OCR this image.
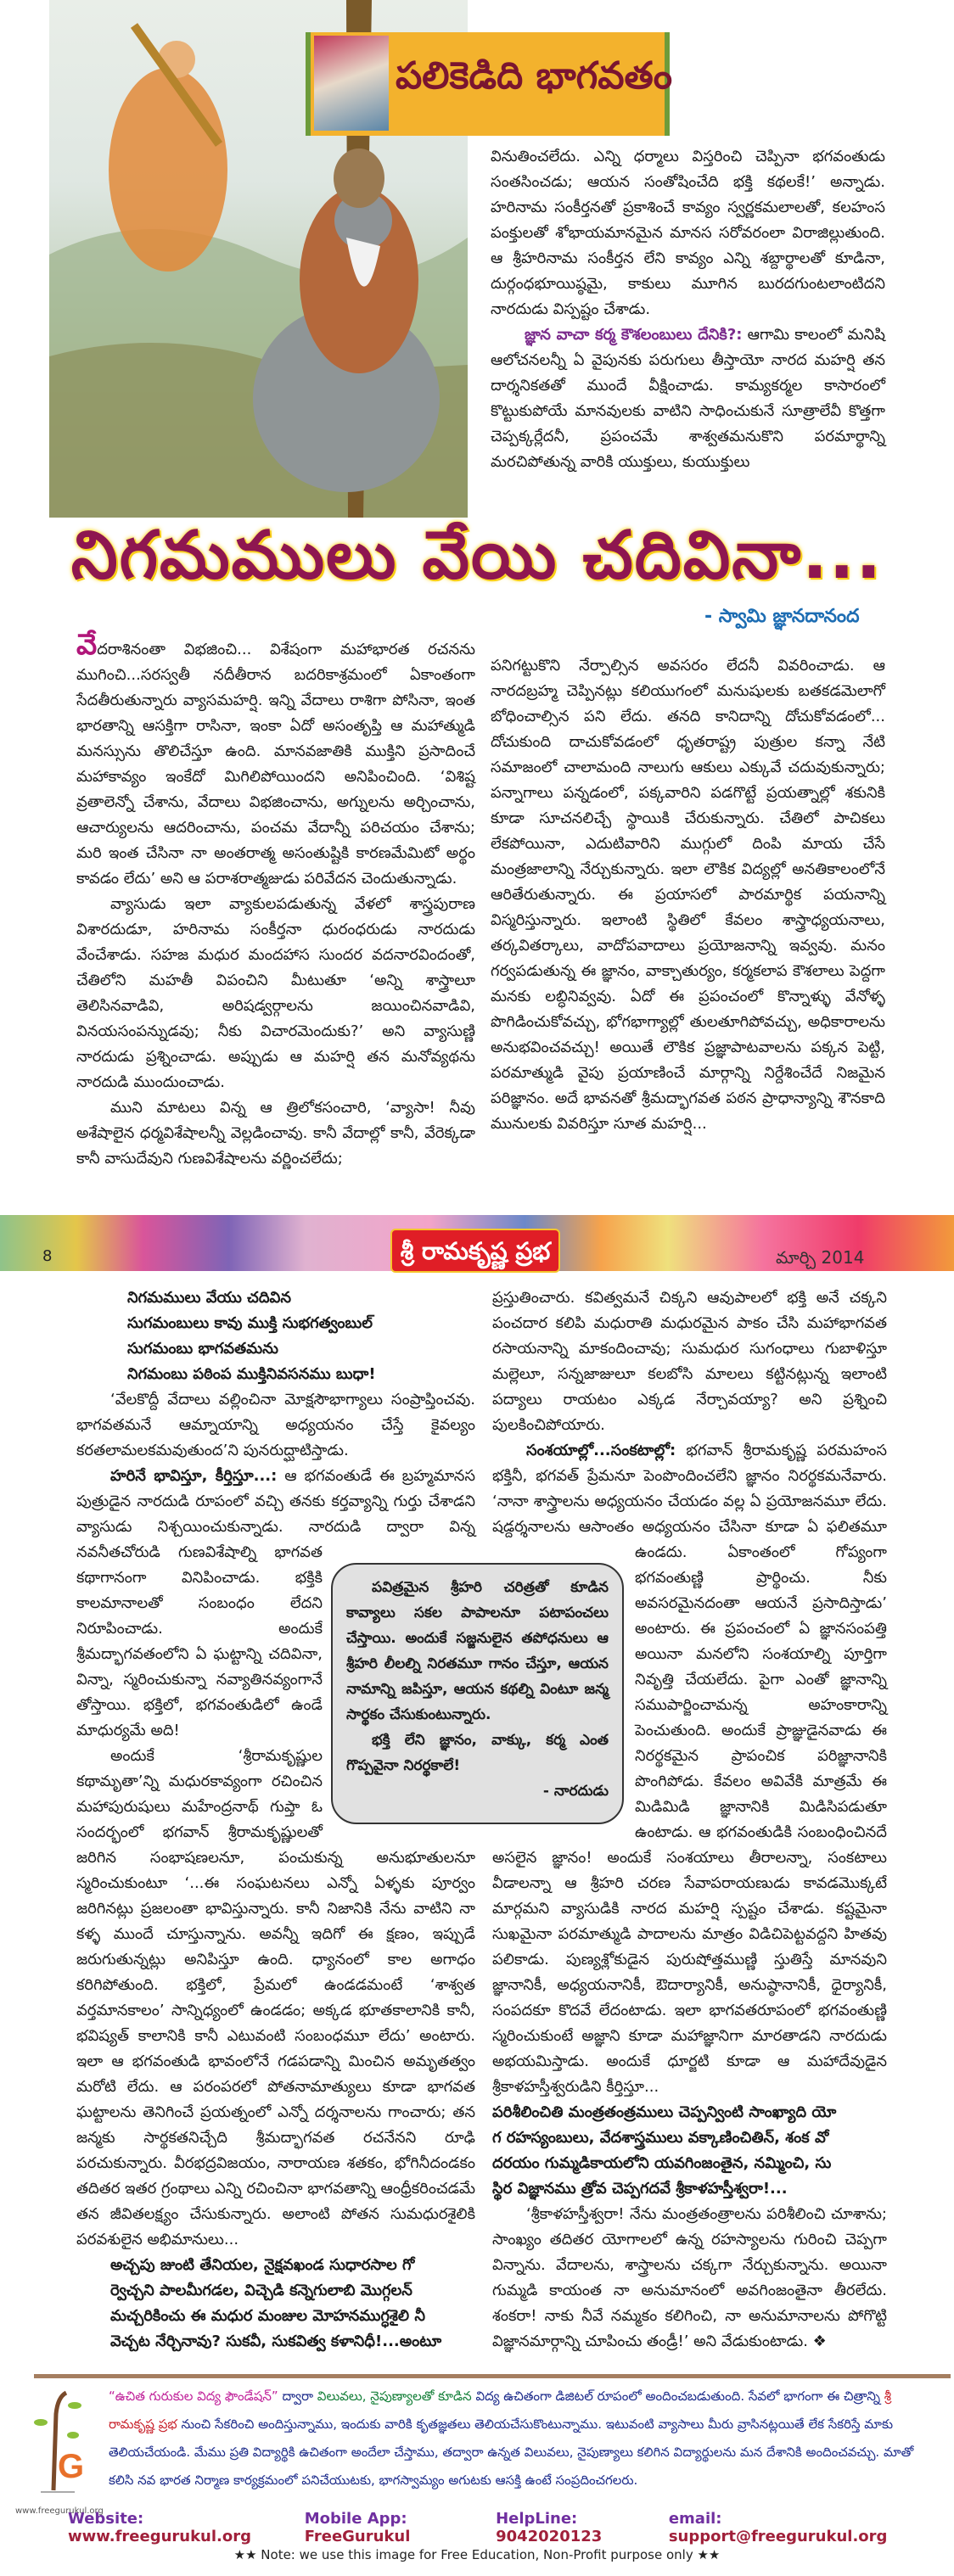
పలికెడిది భాగవతం

వినుతించలేదు. ఎన్ని ధర్మాలు విస్తరించి చెప్పినా భగవంతుడు సంతసించడు; ఆయన సంతోషించేది భక్తి కథలకే!’ అన్నాడు. హరినామ సంకీర్తనతో ప్రకాశించే కావ్యం స్వర్ణకమలాలతో, కలహంస పంక్తులతో శోభాయమానమైన మానస సరోవరంలా విరాజిల్లుతుంది. ఆ శ్రీహరినామ సంకీర్తన లేని కావ్యం ఎన్ని శబ్దార్థాలతో కూడినా, దుర్గంధభూయిష్ఠమై, కాకులు మూగిన బురదగుంటలాంటిదని నారదుడు విస్పష్టం చేశాడు.

జ్ఞాన వాచా కర్మ కౌశలంబులు దేనికి?: ఆగామి కాలంలో మనిషి ఆలోచనలన్నీ ఏ వైపునకు పరుగులు తీస్తాయో నారద మహర్షి తన దార్శనికతతో ముందే వీక్షించాడు. కామ్యకర్మల కాసారంలో కొట్టుకుపోయే మానవులకు వాటిని సాధించుకునే సూత్రాలేవీ కొత్తగా చెప్పక్కర్లేదనీ, ప్రపంచమే శాశ్వతమనుకొని పరమార్థాన్ని మరచిపోతున్న వారికి యుక్తులు, కుయుక్తులు

నిగమములు వేయి చదివినా...
- స్వామి జ్ఞానదానంద

వేదరాశినంతా విభజించి... విశేషంగా మహాభారత రచనను ముగించి...సరస్వతీ నదీతీరాన బదరికాశ్రమంలో ఏకాంతంగా సేదతీరుతున్నారు వ్యాసమహర్షి. ఇన్ని వేదాలు రాశిగా పోసినా, ఇంత భారతాన్ని ఆసక్తిగా రాసినా, ఇంకా ఏదో అసంతృప్తి ఆ మహాత్ముడి మనస్సును తొలిచేస్తూ ఉంది. మానవజాతికి ముక్తిని ప్రసాదించే మహాకావ్యం ఇంకేదో మిగిలిపోయిందని అనిపించింది. ‘విశిష్ట వ్రతాలెన్నో చేశాను, వేదాలు విభజించాను, అగ్నులను అర్చించాను, ఆచార్యులను ఆదరించాను, పంచమ వేదాన్నీ పరిచయం చేశాను; మరి ఇంత చేసినా నా అంతరాత్మ అసంతుష్టికి కారణమేమిటో అర్థం కావడం లేదు’ అని ఆ పరాశరాత్మజుడు పరివేదన చెందుతున్నాడు.

వ్యాసుడు ఇలా వ్యాకులపడుతున్న వేళలో శాస్త్రపురాణ విశారదుడూ, హరినామ సంకీర్తనా ధురంధరుడు నారదుడు వేంచేశాడు. సహజ మధుర మందహాస సుందర వదనారవిందంతో, చేతిలోని మహతీ విపంచిని మీటుతూ ‘అన్ని శాస్త్రాలూ తెలిసినవాడివి, అరిషడ్వర్గాలను జయించినవాడివి, వినయసంపన్నుడవు; నీకు విచారమెందుకు?’ అని వ్యాసుణ్ణి నారదుడు ప్రశ్నించాడు. అప్పుడు ఆ మహర్షి తన మనోవ్యథను నారదుడి ముందుంచాడు.

ముని మాటలు విన్న ఆ త్రిలోకసంచారి, ‘వ్యాసా! నీవు అశేషాలైన ధర్మవిశేషాలన్నీ వెల్లడించావు. కానీ వేదాల్లో కానీ, వేరెక్కడా కానీ వాసుదేవుని గుణవిశేషాలను వర్ణించలేదు;

పనిగట్టుకొని నేర్పాల్సిన అవసరం లేదనీ వివరించాడు. ఆ నారదబ్రహ్మ చెప్పినట్లు కలియుగంలో మనుషులకు బతకడమెలాగో బోధించాల్సిన పని లేదు. తనది కానిదాన్ని దోచుకోవడంలో... దోచుకుంది దాచుకోవడంలో ధృతరాష్ట్ర పుత్రుల కన్నా నేటి సమాజంలో చాలామంది నాలుగు ఆకులు ఎక్కువే చదువుకున్నారు; పన్నాగాలు పన్నడంలో, పక్కవారిని పడగొట్టే ప్రయత్నాల్లో శకునికి కూడా సూచనలిచ్చే స్థాయికి చేరుకున్నారు. చేతిలో పాచికలు లేకపోయినా, ఎదుటివారిని ముగ్గులో దింపి మాయ చేసే మంత్రజాలాన్ని నేర్చుకున్నారు. ఇలా లౌకిక విద్యల్లో అనతికాలంలోనే ఆరితేరుతున్నారు. ఈ ప్రయాసలో పారమార్థిక పయనాన్ని విస్మరిస్తున్నారు. ఇలాంటి స్థితిలో కేవలం శాస్త్రాధ్యయనాలు, తర్కవితర్కాలు, వాదోపవాదాలు ప్రయోజనాన్ని ఇవ్వవు. మనం గర్వపడుతున్న ఈ జ్ఞానం, వాక్చాతుర్యం, కర్మకలాప కౌశలాలు పెద్దగా మనకు లబ్ధినివ్వవు. ఏదో ఈ ప్రపంచంలో కొన్నాళ్ళు వేనోళ్ళ పొగిడించుకోవచ్చు, భోగభాగ్యాల్లో తులతూగిపోవచ్చు, అధికారాలను అనుభవించవచ్చు! అయితే లౌకిక ప్రజ్ఞాపాటవాలను పక్కన పెట్టి, పరమాత్ముడి వైపు ప్రయాణించే మార్గాన్ని నిర్దేశించేదే నిజమైన పరిజ్ఞానం. అదే భావనతో శ్రీమద్భాగవత పఠన ప్రాధాన్యాన్ని శౌనకాది మునులకు వివరిస్తూ సూత మహర్షి...

8	శ్రీ రామకృష్ణ ప్రభ	మార్చి 2014

నిగమములు వేయు చదివిన
సుగమంబులు కావు ముక్తి సుభగత్వంబుల్
సుగమంబు భాగవతమను
నిగమంబు పఠింప ముక్తినివసనము బుధా!

‘వేలకొద్దీ వేదాలు వల్లించినా మోక్షసౌభాగ్యాలు సంప్రాప్తించవు. భాగవతమనే ఆమ్నాయాన్ని అధ్యయనం చేస్తే కైవల్యం కరతలామలకమవుతుంద’ని పునరుద్ఘాటిస్తాడు.

హరినే భావిస్తూ, కీర్తిస్తూ...: ఆ భగవంతుడే ఈ బ్రహ్మమానస పుత్రుడైన నారదుడి రూపంలో వచ్చి తనకు కర్తవ్యాన్ని గుర్తు చేశాడని వ్యాసుడు నిశ్చయించుకున్నాడు. నారదుడి ద్వారా విన్న నవనీతచోరుడి గుణవిశేషాల్ని భాగవత కథాగానంగా వినిపించాడు. భక్తికి కాలమానాలతో సంబంధం లేదని నిరూపించాడు. అందుకే శ్రీమద్భాగవతంలోని ఏ ఘట్టాన్ని చదివినా, విన్నా, స్మరించుకున్నా నవ్యాతినవ్యంగానే తోస్తాయి. భక్తిలో, భగవంతుడిలో ఉండే మాధుర్యమే అది!

అందుకే ‘శ్రీరామకృష్ణుల కథామృతా’న్ని మధురకావ్యంగా రచించిన మహాపురుషులు మహేంద్రనాథ్ గుప్తా ఓ సందర్భంలో భగవాన్ శ్రీరామకృష్ణులతో జరిగిన సంభాషణలనూ, పంచుకున్న అనుభూతులనూ స్మరించుకుంటూ ‘...ఈ సంఘటనలు ఎన్నో ఏళ్ళకు పూర్వం జరిగినట్లు ప్రజలంతా భావిస్తున్నారు. కానీ నిజానికి నేను వాటిని నా కళ్ళ ముందే చూస్తున్నాను. అవన్నీ ఇదిగో ఈ క్షణం, ఇప్పుడే జరుగుతున్నట్లు అనిపిస్తూ ఉంది. ధ్యానంలో కాల అగాధం కరిగిపోతుంది. భక్తిలో, ప్రేమలో ఉండడమంటే ‘శాశ్వత వర్తమానకాలం’ సాన్నిధ్యంలో ఉండడం; అక్కడ భూతకాలానికి కానీ, భవిష్యత్ కాలానికి కానీ ఎటువంటి సంబంధమూ లేదు’ అంటారు. ఇలా ఆ భగవంతుడి భావంలోనే గడపడాన్ని మించిన అమృతత్వం మరోటి లేదు. ఆ పరంపరలో పోతనామాత్యులు కూడా భాగవత ఘట్టాలను తెనిగించే ప్రయత్నంలో ఎన్నో దర్శనాలను గాంచారు; తన జన్మకు సార్థకతనిచ్చేది శ్రీమద్భాగవత రచనేనని రూఢి పరచుకున్నారు. వీరభద్రవిజయం, నారాయణ శతకం, భోగినీదండకం తదితర ఇతర గ్రంథాలు ఎన్ని రచించినా భాగవతాన్ని ఆంధ్రీకరించడమే తన జీవితలక్ష్యం చేసుకున్నారు. అలాంటి పోతన సుమధురశైలికి పరవశులైన అభిమానులు...

అచ్చపు జుంటి తేనియల, నైక్షవఖండ సుధారసాల గో
ర్వెచ్చని పాలమీగడల, విచ్చెడి కన్నెగులాబి మొగ్గలన్
మచ్చరికించు ఈ మధుర మంజుల మోహనముగ్ధశైలి నీ
వెచ్చట నేర్చినావు? సుకవీ, సుకవిత్వ కళానిధీ!...అంటూ

ప్రస్తుతించారు. కవిత్వమనే చిక్కని ఆవుపాలలో భక్తి అనే చక్కని పంచదార కలిపి మధురాతి మధురమైన పాకం చేసి మహాభాగవత రసాయనాన్ని మాకందించావు; సుమధుర సుగంధాలు గుబాళిస్తూ మల్లెలూ, సన్నజాజులూ కలబోసి మాలలు కట్టినట్లున్న ఇలాంటి పద్యాలు రాయటం ఎక్కడ నేర్చావయ్యా? అని ప్రశ్నించి పులకించిపోయారు.

సంశయాల్లో...సంకటాల్లో: భగవాన్ శ్రీరామకృష్ణ పరమహంస భక్తినీ, భగవత్ ప్రేమనూ పెంపొందించలేని జ్ఞానం నిరర్థకమనేవారు. ‘నానా శాస్త్రాలను అధ్యయనం చేయడం వల్ల ఏ ప్రయోజనమూ లేదు. షడ్దర్శనాలను ఆసాంతం అధ్యయనం చేసినా కూడా ఏ ఫలితమూ ఉండదు. ఏకాంతంలో గోప్యంగా భగవంతుణ్ణి ప్రార్థించు. నీకు అవసరమైనదంతా ఆయనే ప్రసాదిస్తాడు’ అంటారు. ఈ ప్రపంచంలో ఏ జ్ఞానసంపత్తి అయినా మనలోని సంశయాల్ని పూర్తిగా నివృత్తి చేయలేదు. పైగా ఎంతో జ్ఞానాన్ని సముపార్జించామన్న అహంకారాన్ని పెంచుతుంది. అందుకే ప్రాజ్ఞుడైనవాడు ఈ నిరర్థకమైన ప్రాపంచిక పరిజ్ఞానానికి పొంగిపోడు. కేవలం అవివేకి మాత్రమే ఈ మిడిమిడి జ్ఞానానికి మిడిసిపడుతూ ఉంటాడు. ఆ భగవంతుడికి సంబంధించినదే అసలైన జ్ఞానం! అందుకే సంశయాలు తీరాలన్నా, సంకటాలు వీడాలన్నా ఆ శ్రీహరి చరణ సేవాపరాయణుడు కావడమొక్కటే మార్గమని వ్యాసుడికి నారద మహర్షి స్పష్టం చేశాడు. కష్టమైనా సుఖమైనా పరమాత్ముడి పాదాలను మాత్రం విడిచిపెట్టవద్దని హితవు పలికాడు. పుణ్యశ్లోకుడైన పురుషోత్తముణ్ణి స్తుతిస్తే మానవుని జ్ఞానానికీ, అధ్యయనానికీ, ఔదార్యానికీ, అనుష్ఠానానికీ, ధైర్యానికీ, సంపదకూ కొదవే లేదంటాడు. ఇలా భాగవతరూపంలో భగవంతుణ్ణి స్మరించుకుంటే అజ్ఞాని కూడా మహాజ్ఞానిగా మారతాడని నారదుడు అభయమిస్తాడు. అందుకే ధూర్జటి కూడా ఆ మహాదేవుడైన శ్రీకాళహస్తీశ్వరుడిని కీర్తిస్తూ...

పరిశీలించితి మంత్రతంత్రములు చెప్పన్వింటి సాంఖ్యాది యో
గ రహస్యంబులు, వేదశాస్త్రములు వక్కాణించితిన్, శంక వో
దరయం గుమ్మడికాయలోని యవగింజంతైన, నమ్మించి, సు
స్థిర విజ్ఞానము త్రోవ చెప్పగదవే శ్రీకాళహస్తీశ్వరా!...

‘శ్రీకాళహస్తీశ్వరా! నేను మంత్రతంత్రాలను పరిశీలించి చూశాను; సాంఖ్యం తదితర యోగాలలో ఉన్న రహస్యాలను గురించి చెప్పగా విన్నాను. వేదాలను, శాస్త్రాలను చక్కగా నేర్చుకున్నాను. అయినా గుమ్మడి కాయంత నా అనుమానంలో అవగింజంతైనా తీరలేదు. శంకరా! నాకు నీవే నమ్మకం కలిగించి, నా అనుమానాలను పోగొట్టి విజ్ఞానమార్గాన్ని చూపించు తండ్రీ!’ అని వేడుకుంటాడు. ❖

పవిత్రమైన శ్రీహరి చరిత్రతో కూడిన కావ్యాలు సకల పాపాలనూ పటాపంచలు చేస్తాయి. అందుకే సజ్జనులైన తపోధనులు ఆ శ్రీహరి లీలల్ని నిరతమూ గానం చేస్తూ, ఆయన నామాన్ని జపిస్తూ, ఆయన కథల్ని వింటూ జన్మ సార్థకం చేసుకుంటున్నారు.

భక్తి లేని జ్ఞానం, వాక్కు, కర్మ ఎంత గొప్పవైనా నిరర్థకాలే!

- నారదుడు
G
www.freegurukul.org
“ఉచిత గురుకుల విద్య ఫౌండేషన్” ద్వారా విలువలు, నైపుణ్యాలతో కూడిన విద్య ఉచితంగా డిజిటల్ రూపంలో అందించబడుతుంది. సేవలో భాగంగా ఈ చిత్రాన్ని శ్రీ రామకృష్ణ ప్రభ నుంచి సేకరించి అందిస్తున్నాము, ఇందుకు వారికి కృతజ్ఞతలు తెలియచేసుకొంటున్నాము. ఇటువంటి వ్యాసాలు మీరు వ్రాసినట్లయితే లేక సేకరిస్తే మాకు తెలియచేయండి. మేము ప్రతి విద్యార్థికి ఉచితంగా అందేలా చేస్తాము, తద్వారా ఉన్నత విలువలు, నైపుణ్యాలు కలిగిన విద్యార్థులను మన దేశానికి అందించవచ్చు. మాతో కలిసి నవ భారత నిర్మాణ కార్యక్రమంలో పనిచేయుటకు, భాగస్వామ్యం అగుటకు ఆసక్తి ఉంటే సంప్రదించగలరు.
Website: www.freegurukul.org
Mobile App: FreeGurukul
HelpLine: 9042020123
email: support@freegurukul.org
★★ Note: we use this image for Free Education, Non-Profit purpose only ★★
